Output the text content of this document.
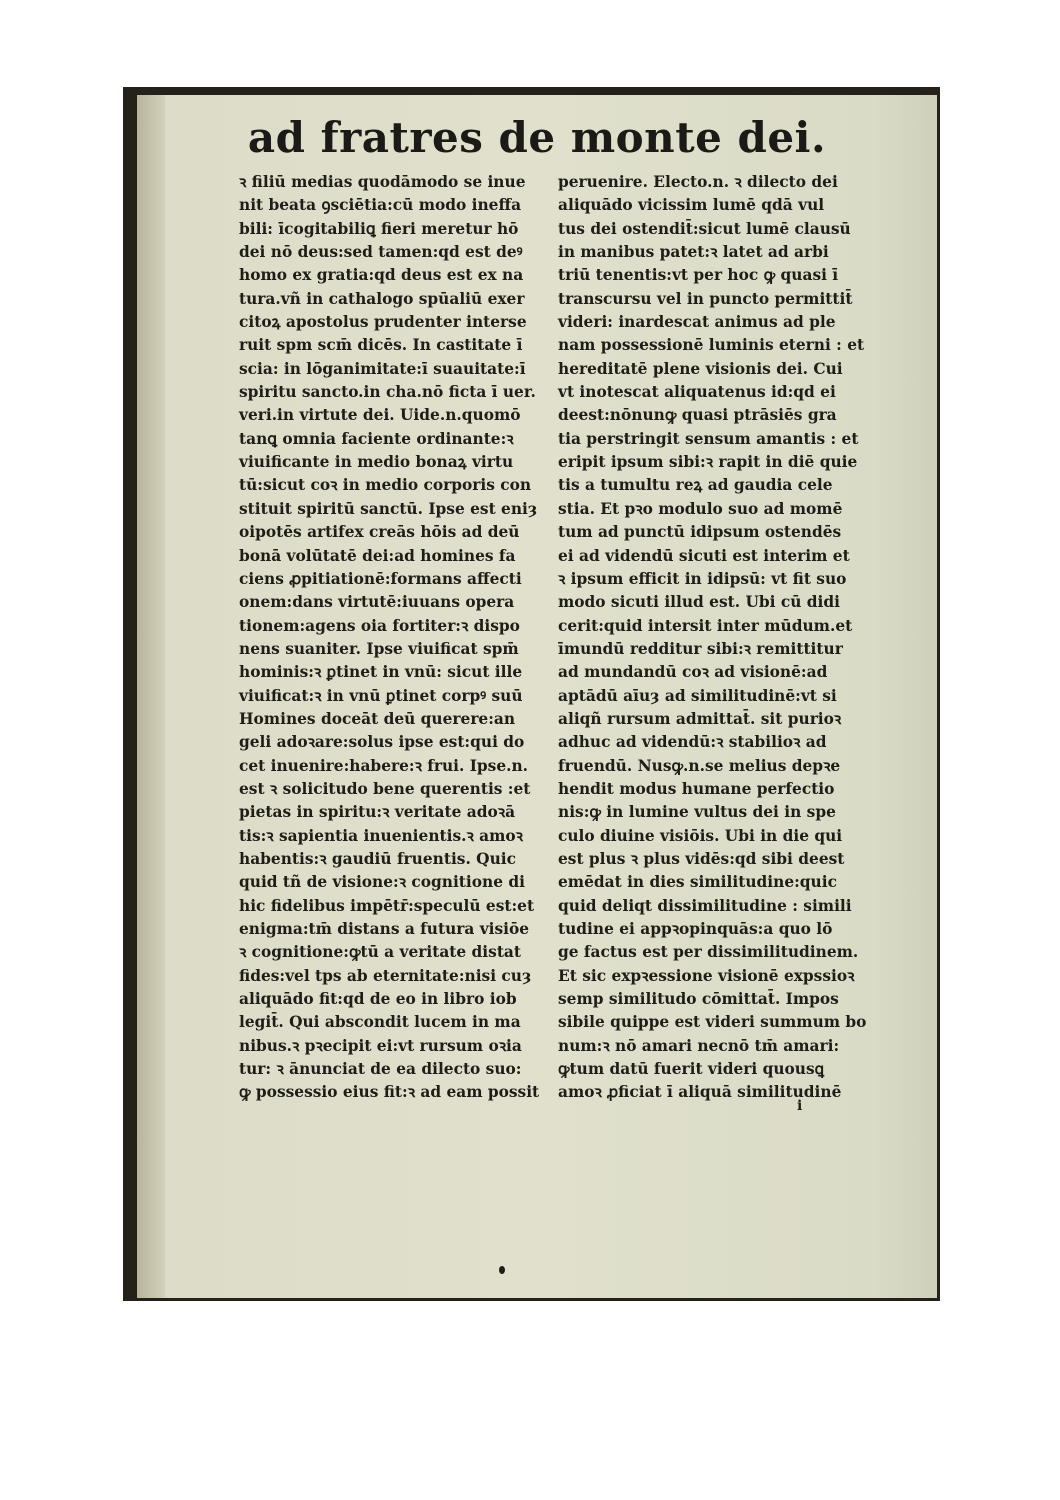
ad fratres de monte dei.
ꝛ filiū medias quodāmodo se inue
nit beata ꝯsciētia:cū modo ineffa
bili: īcogitabiliꝗ fieri meretur hō
dei nō deus:sed tamen:qd est deꝰ
homo ex gratia:qd deus est ex na
tura.vñ in cathalogo spūaliū exer
citoꝝ apostolus prudenter interse
ruit spm scm̄ dicēs. In castitate ī
scia: in lōganimitate:ī suauitate:ī
spiritu sancto.in cha.nō ficta ī uer.
veri.in virtute dei. Uide.n.quomō
tanꝗ omnia faciente ordinante:ꝛ
viuificante in medio bonaꝝ virtu
tū:sicut coꝛ in medio corporis con
stituit spiritū sanctū. Ipse est eniȝ
oipotēs artifex creās hōis ad deū
bonā volūtatē dei:ad homines fa
ciens ꝓpitiationē:formans affecti
onem:dans virtutē:iuuans opera
tionem:agens oia fortiter:ꝛ dispo
nens suaniter. Ipse viuificat spm̄
hominis:ꝛ ꝑtinet in vnū: sicut ille
viuificat:ꝛ in vnū ꝑtinet corpꝰ suū
Homines doceāt deū querere:an
geli adoꝛare:solus ipse est:qui do
cet inuenire:habere:ꝛ frui. Ipse.n.
est ꝛ solicitudo bene querentis :et
pietas in spiritu:ꝛ veritate adoꝛā
tis:ꝛ sapientia inuenientis.ꝛ amoꝛ
habentis:ꝛ gaudiū fruentis. Quic
quid tñ de visione:ꝛ cognitione di
hic fidelibus impētr̄:speculū est:et
enigma:tm̄ distans a futura visiōe
ꝛ cognitione:ꝙtū a veritate distat
fides:vel tps ab eternitate:nisi cuȝ
aliquādo fit:qd de eo in libro iob
legit̄. Qui abscondit lucem in ma
nibus.ꝛ pꝛecipit ei:vt rursum oꝛia
tur: ꝛ ānunciat de ea dilecto suo:
ꝙ possessio eius fit:ꝛ ad eam possit
peruenire. Electo.n. ꝛ dilecto dei
aliquādo vicissim lumē qdā vul
tus dei ostendit̄:sicut lumē clausū
in manibus patet:ꝛ latet ad arbi
triū tenentis:vt per hoc ꝙ quasi ī
transcursu vel in puncto permittit̄
videri: inardescat animus ad ple
nam possessionē luminis eterni : et
hereditatē plene visionis dei. Cui
vt inotescat aliquatenus id:qd ei
deest:nōnunꝙ quasi ptrāsiēs gra
tia perstringit sensum amantis : et
eripit ipsum sibi:ꝛ rapit in diē quie
tis a tumultu reꝝ ad gaudia cele
stia. Et pꝛo modulo suo ad momē
tum ad punctū idipsum ostendēs
ei ad videndū sicuti est interim et
ꝛ ipsum efficit in idipsū: vt fit suo
modo sicuti illud est. Ubi cū didi
cerit:quid intersit inter mūdum.et
īmundū redditur sibi:ꝛ remittitur
ad mundandū coꝛ ad visionē:ad
aptādū aīuȝ ad similitudinē:vt si
aliqñ rursum admittat̄. sit purioꝛ
adhuc ad videndū:ꝛ stabilioꝛ ad
fruendū. Nusꝙ.n.se melius depꝛe
hendit modus humane perfectio
nis:ꝙ in lumine vultus dei in spe
culo diuine visiōis. Ubi in die qui
est plus ꝛ plus vidēs:qd sibi deest
emēdat in dies similitudine:quic
quid deliqt dissimilitudine : simili
tudine ei appꝛopinquās:a quo lō
ge factus est per dissimilitudinem.
Et sic expꝛessione visionē expssioꝛ
semp similitudo cōmittat̄. Impos
sibile quippe est videri summum bo
num:ꝛ nō amari necnō tm̄ amari:
ꝙtum datū fuerit videri quousꝗ
amoꝛ ꝓficiat ī aliquā similitudinē
i
